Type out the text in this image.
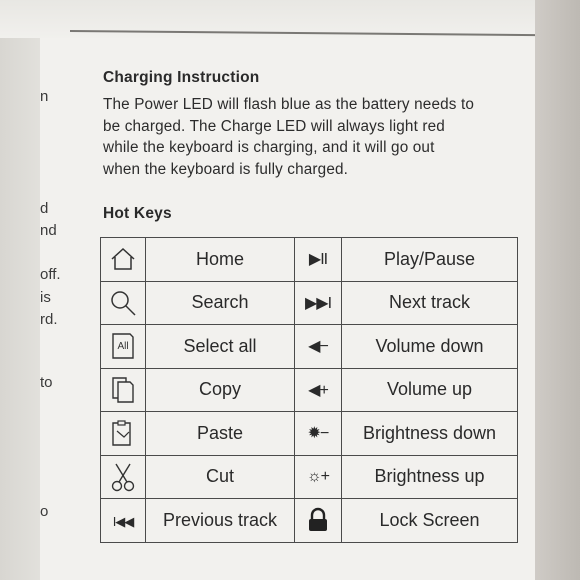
n
d
nd
off.
is
rd.
to
o
Charging Instruction
The Power LED will flash blue as the battery needs to
be charged. The Charge LED will always light red
while the keyboard is charging, and it will go out
when the keyboard is fully charged.
Hot Keys
	Home	▶II	Play/Pause

	Search	▶▶I	Next track

All	Select all	◀−	Volume down

	Copy	◀+	Volume up

	Paste	✹−	Brightness down

	Cut	☼+	Brightness up
I◀◀	Previous track		Lock Screen
